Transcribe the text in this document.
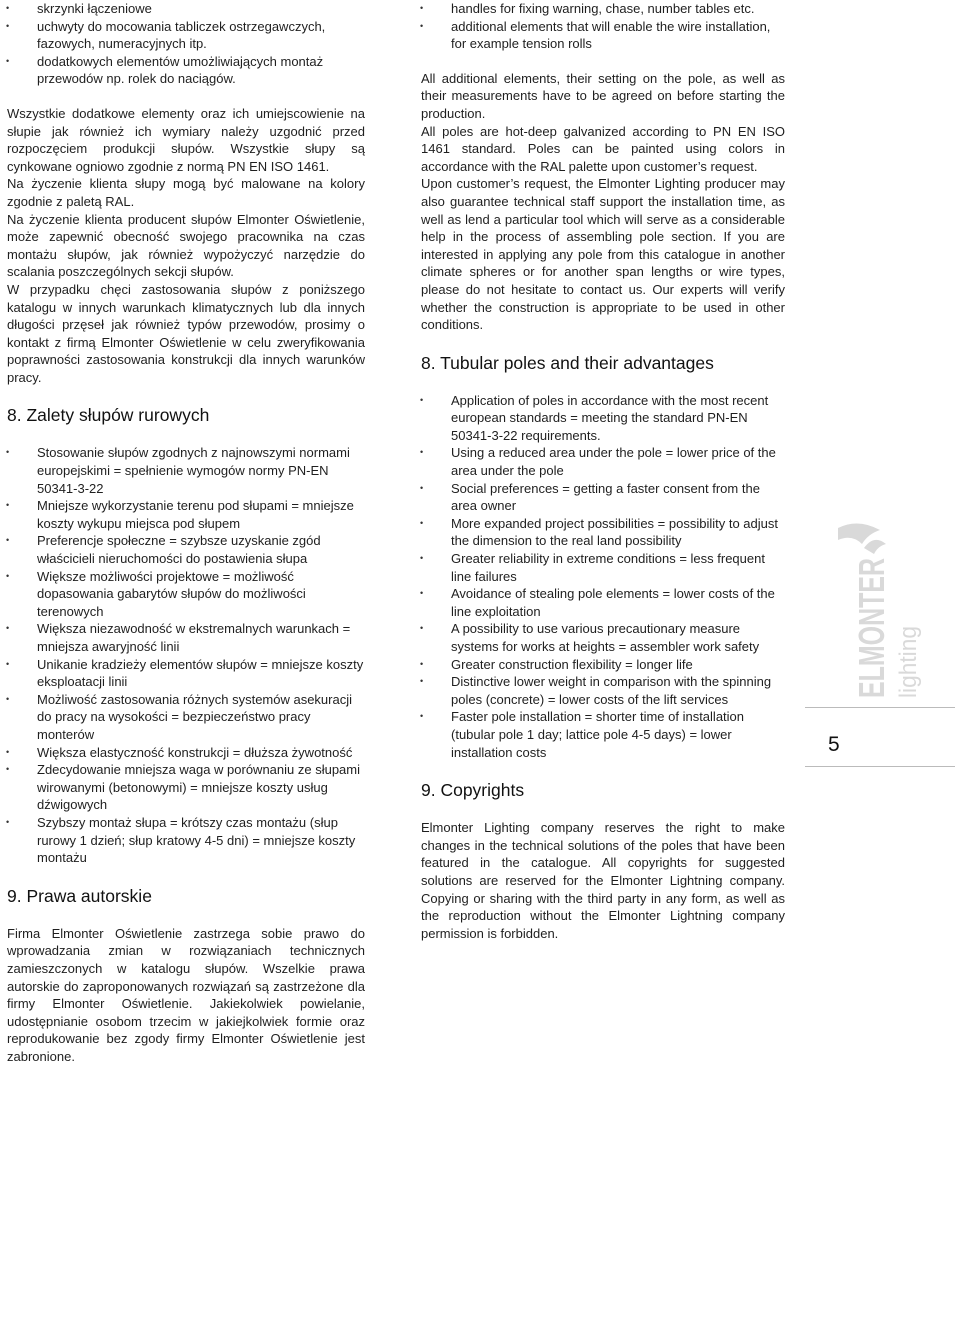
• skrzynki łączeniowe
• uchwyty do mocowania tabliczek ostrzegawczych, fazowych, numeracyjnych itp.
• dodatkowych elementów umożliwiających montaż przewodów np. rolek do naciągów.

Wszystkie dodatkowe elementy oraz ich umiejscowienie na słupie jak również ich wymiary należy uzgodnić przed rozpoczęciem produkcji słupów. Wszystkie słupy są cynkowane ogniowo zgodnie z normą PN EN ISO 1461.

Na życzenie klienta słupy mogą być malowane na kolory zgodnie z paletą RAL.

Na życzenie klienta producent słupów Elmonter Oświetlenie, może zapewnić obecność swojego pracownika na czas montażu słupów, jak również wypożyczyć narzędzie do scalania poszczególnych sekcji słupów.

W przypadku chęci zastosowania słupów z poniższego katalogu w innych warunkach klimatycznych lub dla innych długości przęseł jak również typów przewodów, prosimy o kontakt z firmą Elmonter Oświetlenie w celu zweryfikowania poprawności zastosowania konstrukcji dla innych warunków pracy.

8. Zalety słupów rurowych
• Stosowanie słupów zgodnych z najnowszymi normami europejskimi = spełnienie wymogów normy PN-EN 50341-3-22
• Mniejsze wykorzystanie terenu pod słupami = mniejsze koszty wykupu miejsca pod słupem
• Preferencje społeczne = szybsze uzyskanie zgód właścicieli nieruchomości do postawienia słupa
• Większe możliwości projektowe = możliwość dopasowania gabarytów słupów do możliwości terenowych
• Większa niezawodność w ekstremalnych warunkach = mniejsza awaryjność linii
• Unikanie kradzieży elementów słupów = mniejsze koszty eksploatacji linii
• Możliwość zastosowania różnych systemów asekuracji do pracy na wysokości = bezpieczeństwo pracy monterów
• Większa elastyczność konstrukcji = dłuższa żywotność
• Zdecydowanie mniejsza waga w porównaniu ze słupami wirowanymi (betonowymi) = mniejsze koszty usług dźwigowych
• Szybszy montaż słupa = krótszy czas montażu (słup rurowy 1 dzień; słup kratowy 4-5 dni) = mniejsze koszty montażu
9. Prawa autorskie

Firma Elmonter Oświetlenie zastrzega sobie prawo do wprowadzania zmian w rozwiązaniach technicznych zamieszczonych w katalogu słupów. Wszelkie prawa autorskie do zaproponowanych rozwiązań są zastrzeżone dla firmy Elmonter Oświetlenie. Jakiekolwiek powielanie, udostępnianie osobom trzecim w jakiejkolwiek formie oraz reprodukowanie bez zgody firmy Elmonter Oświetlenie jest zabronione.

• handles for fixing warning, chase, number tables etc.
• additional elements that will enable the wire installation, for example tension rolls

All additional elements, their setting on the pole, as well as their measurements have to be agreed on before starting the production.

All poles are hot-deep galvanized according to PN EN ISO 1461 standard. Poles can be painted using colors in accordance with the RAL palette upon customer’s request.

Upon customer’s request, the Elmonter Lighting producer may also guarantee technical staff support the installation time, as well as lend a particular tool which will serve as a considerable help in the process of assembling pole section. If you are interested in applying any pole from this catalogue in another climate spheres or for another span lengths or wire types, please do not hesitate to contact us. Our experts will verify whether the construction is appropriate to be used in other conditions.

8. Tubular poles and their advantages
• Application of poles in accordance with the most recent european standards = meeting the standard PN-EN 50341-3-22 requirements.
• Using a reduced area under the pole = lower price of the area under the pole
• Social preferences = getting a faster consent from the area owner
• More expanded project possibilities = possibility to adjust the dimension to the real land possibility
• Greater reliability in extreme conditions = less frequent line failures
• Avoidance of stealing pole elements = lower costs of the line exploitation
• A possibility to use various precautionary measure systems for works at heights = assembler work safety
• Greater construction flexibility = longer life
• Distinctive lower weight in comparison with the spinning poles (concrete) = lower costs of the lift services
• Faster pole installation = shorter time of installation (tubular pole 1 day; lattice pole 4-5 days) = lower installation costs
9. Copyrights

Elmonter Lighting company reserves the right to make changes in the technical solutions of the poles that have been featured in the catalogue. All copyrights for suggested solutions are reserved for the Elmonter Lightning company. Copying or sharing with the third party in any form, as well as the reproduction without the Elmonter Lightning company permission is forbidden.

ELMONTER lighting
5
